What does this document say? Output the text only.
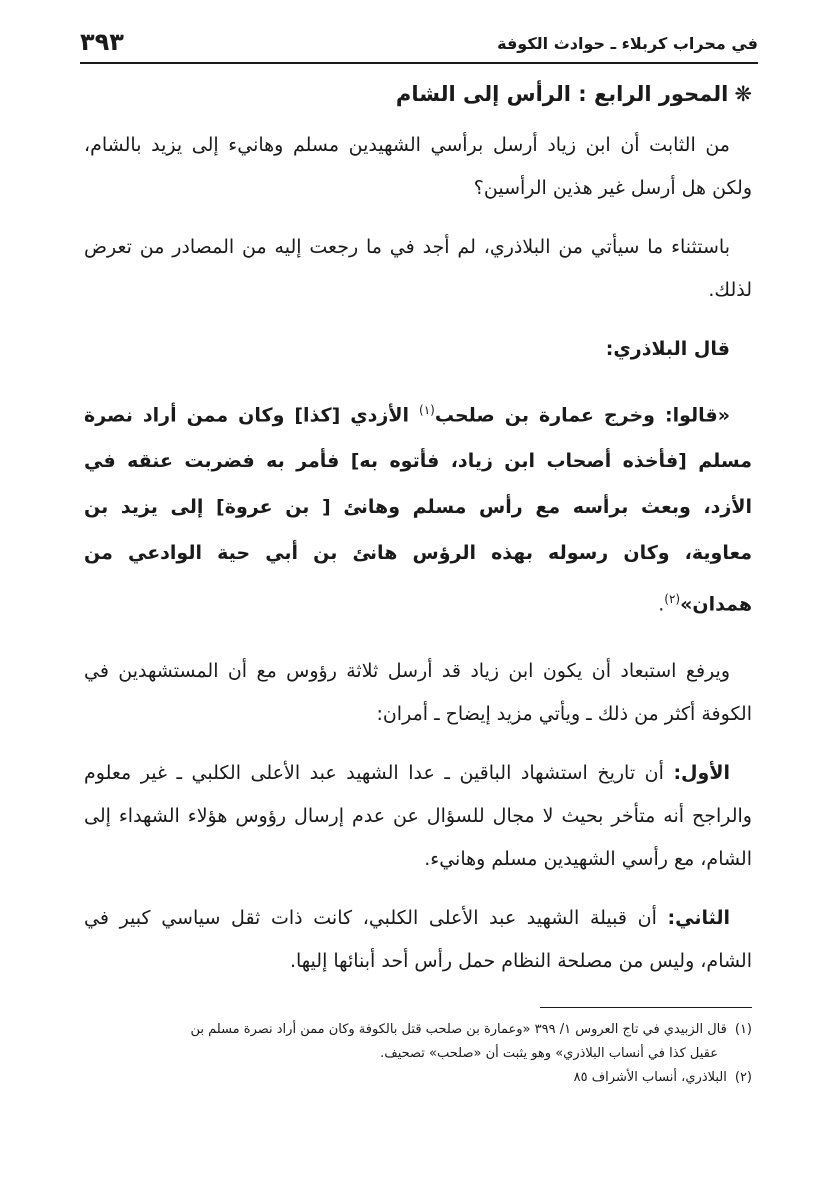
في محراب كربلاء ـ حوادث الكوفة
٣٩٣

❋المحور الرابع : الرأس إلى الشام

من الثابت أن ابن زياد أرسل برأسي الشهيدين مسلم وهانيء إلى يزيد بالشام، ولكن هل أرسل غير هذين الرأسين؟

باستثناء ما سيأتي من البلاذري، لم أجد في ما رجعت إليه من المصادر من تعرض لذلك.

قال البلاذري:

«قالوا: وخرج عمارة بن صلحب$^{(١)}$ الأزدي [كذا] وكان ممن أراد نصرة مسلم [فأخذه أصحاب ابن زياد، فأتوه به] فأمر به فضربت عنقه في الأزد، وبعث برأسه مع رأس مسلم وهانئ [ بن عروة] إلى يزيد بن معاوية، وكان رسوله بهذه الرؤس هانئ بن أبي حية الوادعي من همدان»$^{(٢)}$.

ويرفع استبعاد أن يكون ابن زياد قد أرسل ثلاثة رؤوس مع أن المستشهدين في الكوفة أكثر من ذلك ـ ويأتي مزيد إيضاح ـ أمران:

الأول: أن تاريخ استشهاد الباقين ـ عدا الشهيد عبد الأعلى الكلبي ـ غير معلوم والراجح أنه متأخر بحيث لا مجال للسؤال عن عدم إرسال رؤوس هؤلاء الشهداء إلى الشام، مع رأسي الشهيدين مسلم وهانيء.

الثاني: أن قبيلة الشهيد عبد الأعلى الكلبي، كانت ذات ثقل سياسي كبير في الشام، وليس من مصلحة النظام حمل رأس أحد أبنائها إليها.

(١)قال الزبيدي في تاج العروس ١/ ٣٩٩ «وعمارة بن صلحب قتل بالكوفة وكان ممن أراد نصرة مسلم بن

عقيل كذا في أنساب البلاذري» وهو يثبت أن «صلحب» تصحيف.

(٢)البلاذري، أنساب الأشراف ٨٥
